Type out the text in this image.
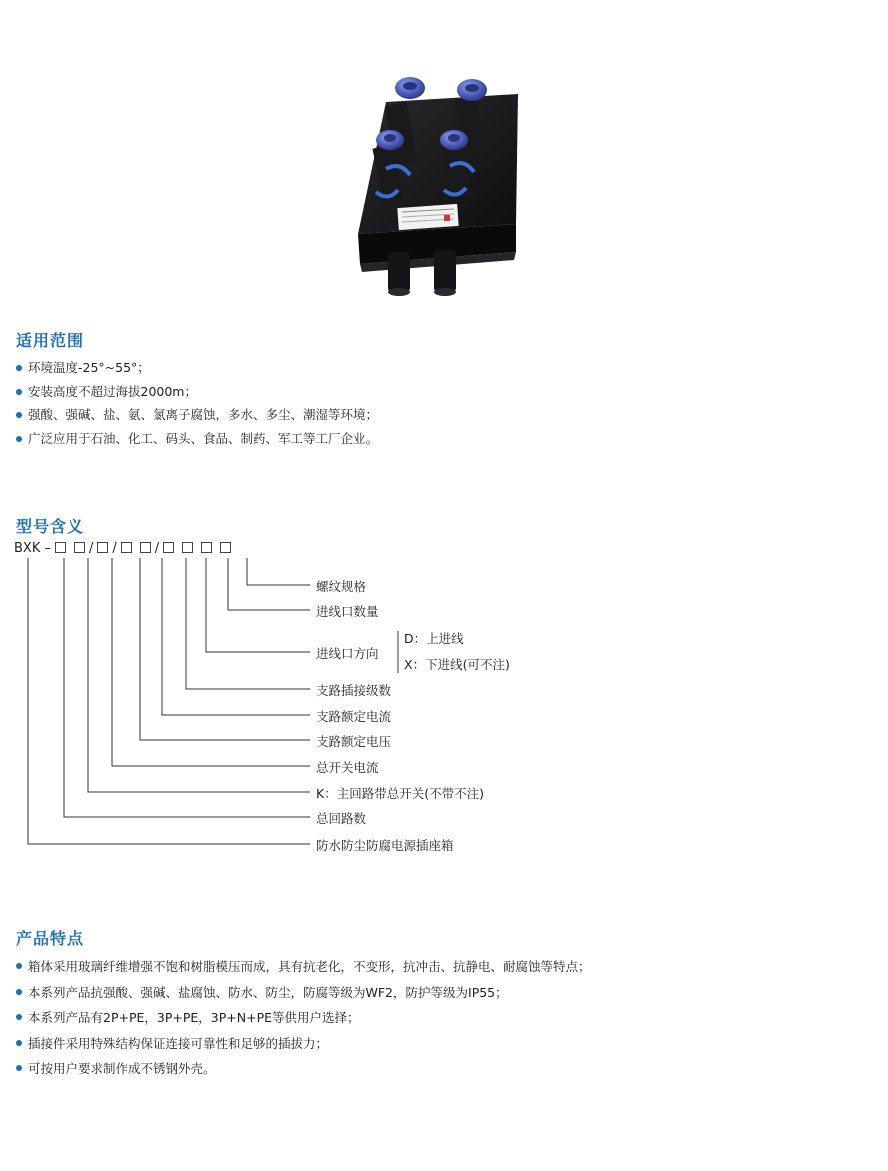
适用范围
环境温度-25°~55°；
安装高度不超过海拔2000m；
强酸、强碱、盐、氨、氯离子腐蚀，多水、多尘、潮湿等环境；
广泛应用于石油、化工、码头、食品、制药、军工等工厂企业。
型号含义
BXK –	/ /	/
螺纹规格
进线口数量
进线口方向
D：上进线
X：下进线(可不注)
支路插接级数
支路额定电流
支路额定电压
总开关电流
K：主回路带总开关(不带不注)
总回路数
防水防尘防腐电源插座箱
产品特点
箱体采用玻璃纤维增强不饱和树脂模压而成，具有抗老化，不变形，抗冲击、抗静电、耐腐蚀等特点；
本系列产品抗强酸、强碱、盐腐蚀、防水、防尘，防腐等级为WF2，防护等级为IP55；
本系列产品有2P+PE，3P+PE，3P+N+PE等供用户选择；
插接件采用特殊结构保证连接可靠性和足够的插拔力；
可按用户要求制作成不锈钢外壳。
